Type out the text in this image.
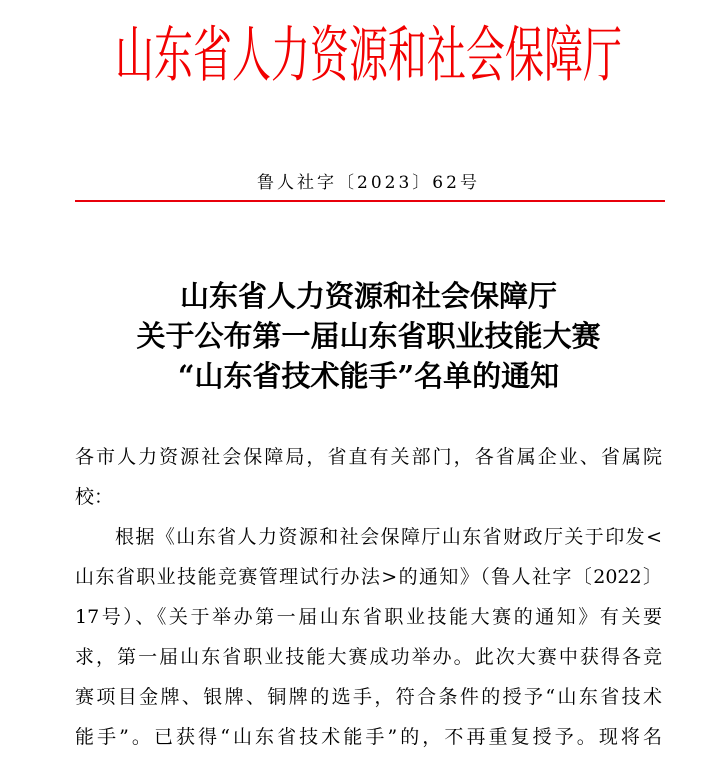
山东省人力资源和社会保障厅
鲁人社字〔2023〕62号
山东省人力资源和社会保障厅
关于公布第一届山东省职业技能大赛
“山东省技术能手”名单的通知
各市人力资源社会保障局，省直有关部门，各省属企业、省属院
校：
根据《山东省人力资源和社会保障厅山东省财政厅关于印发<
山东省职业技能竞赛管理试行办法>的通知》（鲁人社字〔2022〕
17号）、《关于举办第一届山东省职业技能大赛的通知》有关要
求，第一届山东省职业技能大赛成功举办。此次大赛中获得各竞
赛项目金牌、银牌、铜牌的选手，符合条件的授予“山东省技术
能手”。已获得“山东省技术能手”的，不再重复授予。现将名
